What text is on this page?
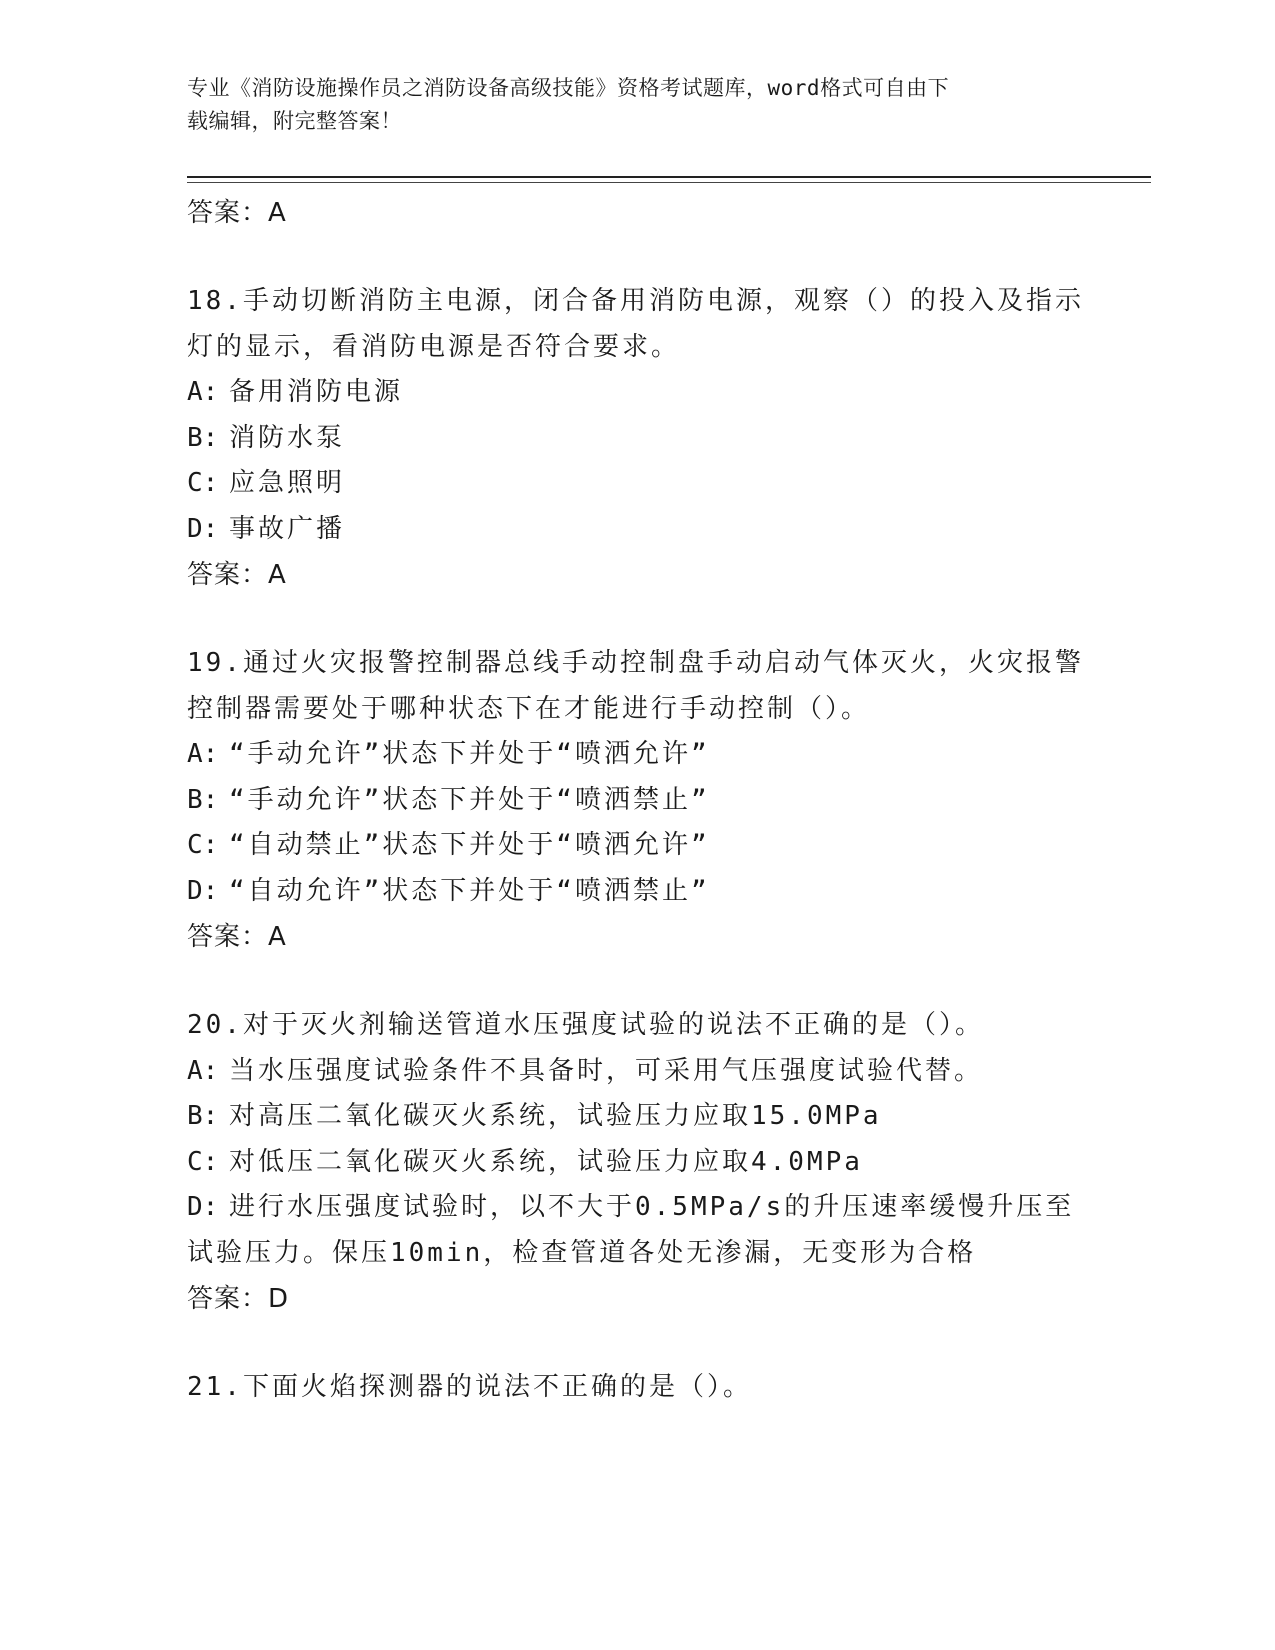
专业《消防设施操作员之消防设备高级技能》资格考试题库，word格式可自由下
载编辑，附完整答案！
答案：A
18.手动切断消防主电源，闭合备用消防电源，观察（）的投入及指示
灯的显示，看消防电源是否符合要求。
A: 备用消防电源
B: 消防水泵
C: 应急照明
D: 事故广播
答案：A
19.通过火灾报警控制器总线手动控制盘手动启动气体灭火，火灾报警
控制器需要处于哪种状态下在才能进行手动控制（）。
A: “手动允许”状态下并处于“喷洒允许”
B: “手动允许”状态下并处于“喷洒禁止”
C: “自动禁止”状态下并处于“喷洒允许”
D: “自动允许”状态下并处于“喷洒禁止”
答案：A
20.对于灭火剂输送管道水压强度试验的说法不正确的是（）。
A: 当水压强度试验条件不具备时，可采用气压强度试验代替。
B: 对高压二氧化碳灭火系统，试验压力应取15.0MPa
C: 对低压二氧化碳灭火系统，试验压力应取4.0MPa
D: 进行水压强度试验时，以不大于0.5MPa/s的升压速率缓慢升压至
试验压力。保压10min，检查管道各处无渗漏，无变形为合格
答案：D
21.下面火焰探测器的说法不正确的是（）。
